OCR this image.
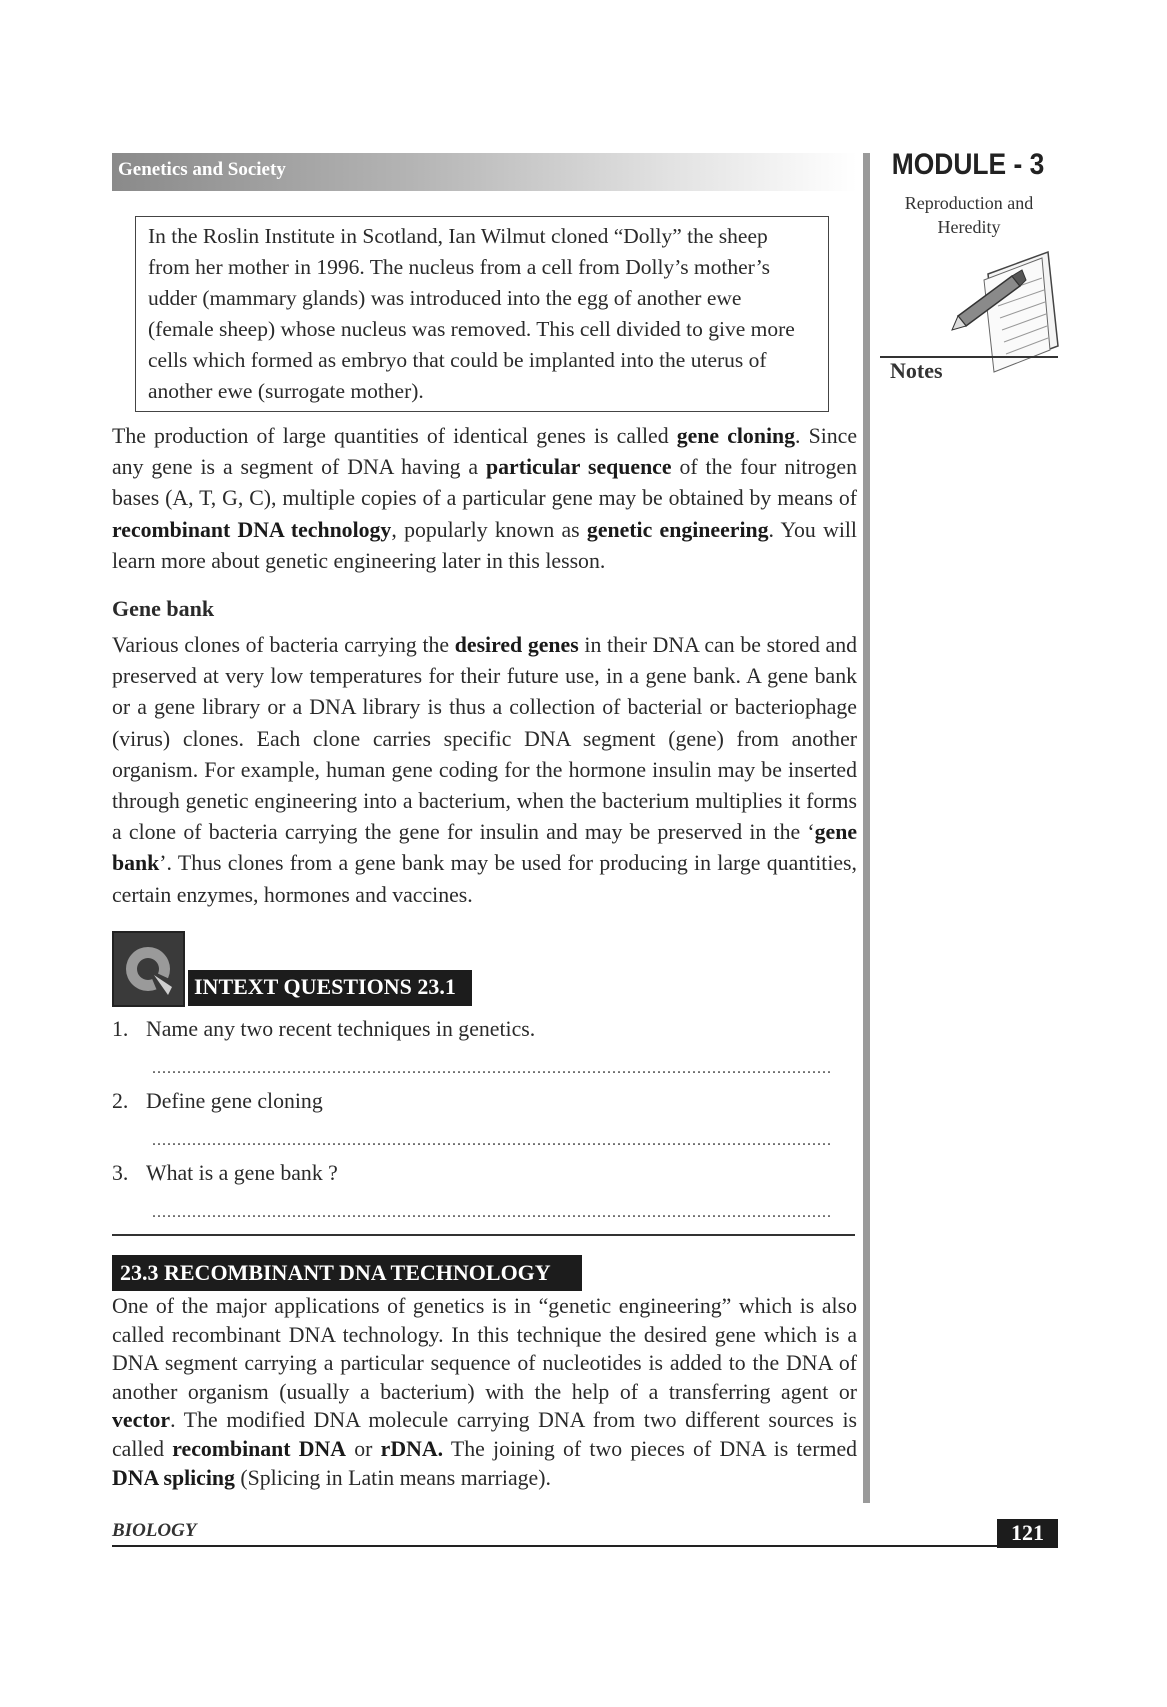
Genetics and Society	MODULE - 3
Reproduction and
Heredity
Notes
In the Roslin Institute in Scotland, Ian Wilmut cloned “Dolly” the sheep
from her mother in 1996. The nucleus from a cell from Dolly’s mother’s
udder (mammary glands) was introduced into the egg of another ewe
(female sheep) whose nucleus was removed. This cell divided to give more
cells which formed as embryo that could be implanted into the uterus of
another ewe (surrogate mother).
The production of large quantities of identical genes is called gene cloning. Since any gene is a segment of DNA having a particular sequence of the four nitrogen bases (A, T, G, C), multiple copies of a particular gene may be obtained by means of recombinant DNA technology, popularly known as genetic engineering. You will learn more about genetic engineering later in this lesson.
Gene bank
Various clones of bacteria carrying the desired genes in their DNA can be stored and preserved at very low temperatures for their future use, in a gene bank. A gene bank or a gene library or a DNA library is thus a collection of bacterial or bacteriophage (virus) clones. Each clone carries specific DNA segment (gene) from another organism. For example, human gene coding for the hormone insulin may be inserted through genetic engineering into a bacterium, when the bacterium multiplies it forms a clone of bacteria carrying the gene for insulin and may be preserved in the ‘gene bank’. Thus clones from a gene bank may be used for producing in large quantities, certain enzymes, hormones and vaccines.
INTEXT QUESTIONS 23.1
1. Name any two recent techniques in genetics.
........................................................................................................................................
2. Define gene cloning
........................................................................................................................................
3. What is a gene bank ?
........................................................................................................................................
23.3 RECOMBINANT DNA TECHNOLOGY
One of the major applications of genetics is in “genetic engineering” which is also called recombinant DNA technology. In this technique the desired gene which is a DNA segment carrying a particular sequence of nucleotides is added to the DNA of another organism (usually a bacterium) with the help of a transferring agent or vector. The modified DNA molecule carrying DNA from two different sources is called recombinant DNA or rDNA. The joining of two pieces of DNA is termed DNA splicing (Splicing in Latin means marriage).
BIOLOGY	121
